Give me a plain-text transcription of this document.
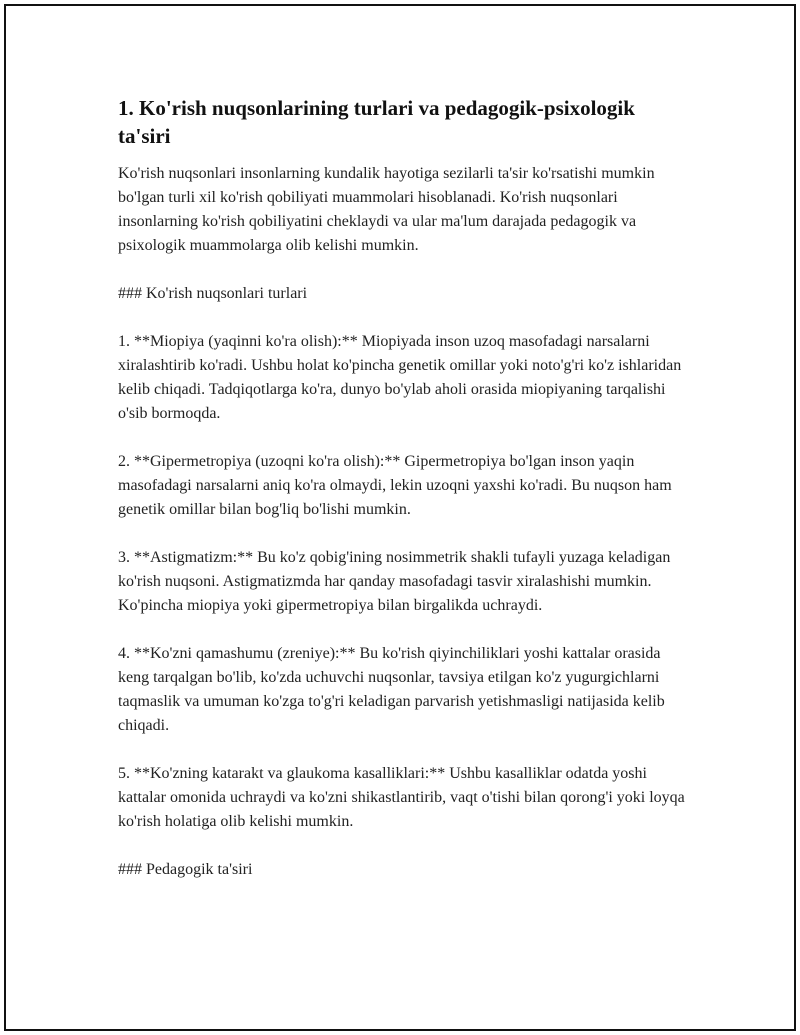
1. Ko'rish nuqsonlarining turlari va pedagogik-psixologik ta'siri

Ko'rish nuqsonlari insonlarning kundalik hayotiga sezilarli ta'sir ko'rsatishi mumkin bo'lgan turli xil ko'rish qobiliyati muammolari hisoblanadi. Ko'rish nuqsonlari insonlarning ko'rish qobiliyatini cheklaydi va ular ma'lum darajada pedagogik va psixologik muammolarga olib kelishi mumkin.

### Ko'rish nuqsonlari turlari

1. **Miopiya (yaqinni ko'ra olish):** Miopiyada inson uzoq masofadagi narsalarni xiralashtirib ko'radi. Ushbu holat ko'pincha genetik omillar yoki noto'g'ri ko'z ishlaridan kelib chiqadi. Tadqiqotlarga ko'ra, dunyo bo'ylab aholi orasida miopiyaning tarqalishi o'sib bormoqda.

2. **Gipermetropiya (uzoqni ko'ra olish):** Gipermetropiya bo'lgan inson yaqin masofadagi narsalarni aniq ko'ra olmaydi, lekin uzoqni yaxshi ko'radi. Bu nuqson ham genetik omillar bilan bog'liq bo'lishi mumkin.

3. **Astigmatizm:** Bu ko'z qobig'ining nosimmetrik shakli tufayli yuzaga keladigan ko'rish nuqsoni. Astigmatizmda har qanday masofadagi tasvir xiralashishi mumkin. Ko'pincha miopiya yoki gipermetropiya bilan birgalikda uchraydi.

4. **Ko'zni qamashumu (zreniye):** Bu ko'rish qiyinchiliklari yoshi kattalar orasida keng tarqalgan bo'lib, ko'zda uchuvchi nuqsonlar, tavsiya etilgan ko'z yugurgichlarni taqmaslik va umuman ko'zga to'g'ri keladigan parvarish yetishmasligi natijasida kelib chiqadi.

5. **Ko'zning katarakt va glaukoma kasalliklari:** Ushbu kasalliklar odatda yoshi kattalar omonida uchraydi va ko'zni shikastlantirib, vaqt o'tishi bilan qorong'i yoki loyqa ko'rish holatiga olib kelishi mumkin.

### Pedagogik ta'siri
